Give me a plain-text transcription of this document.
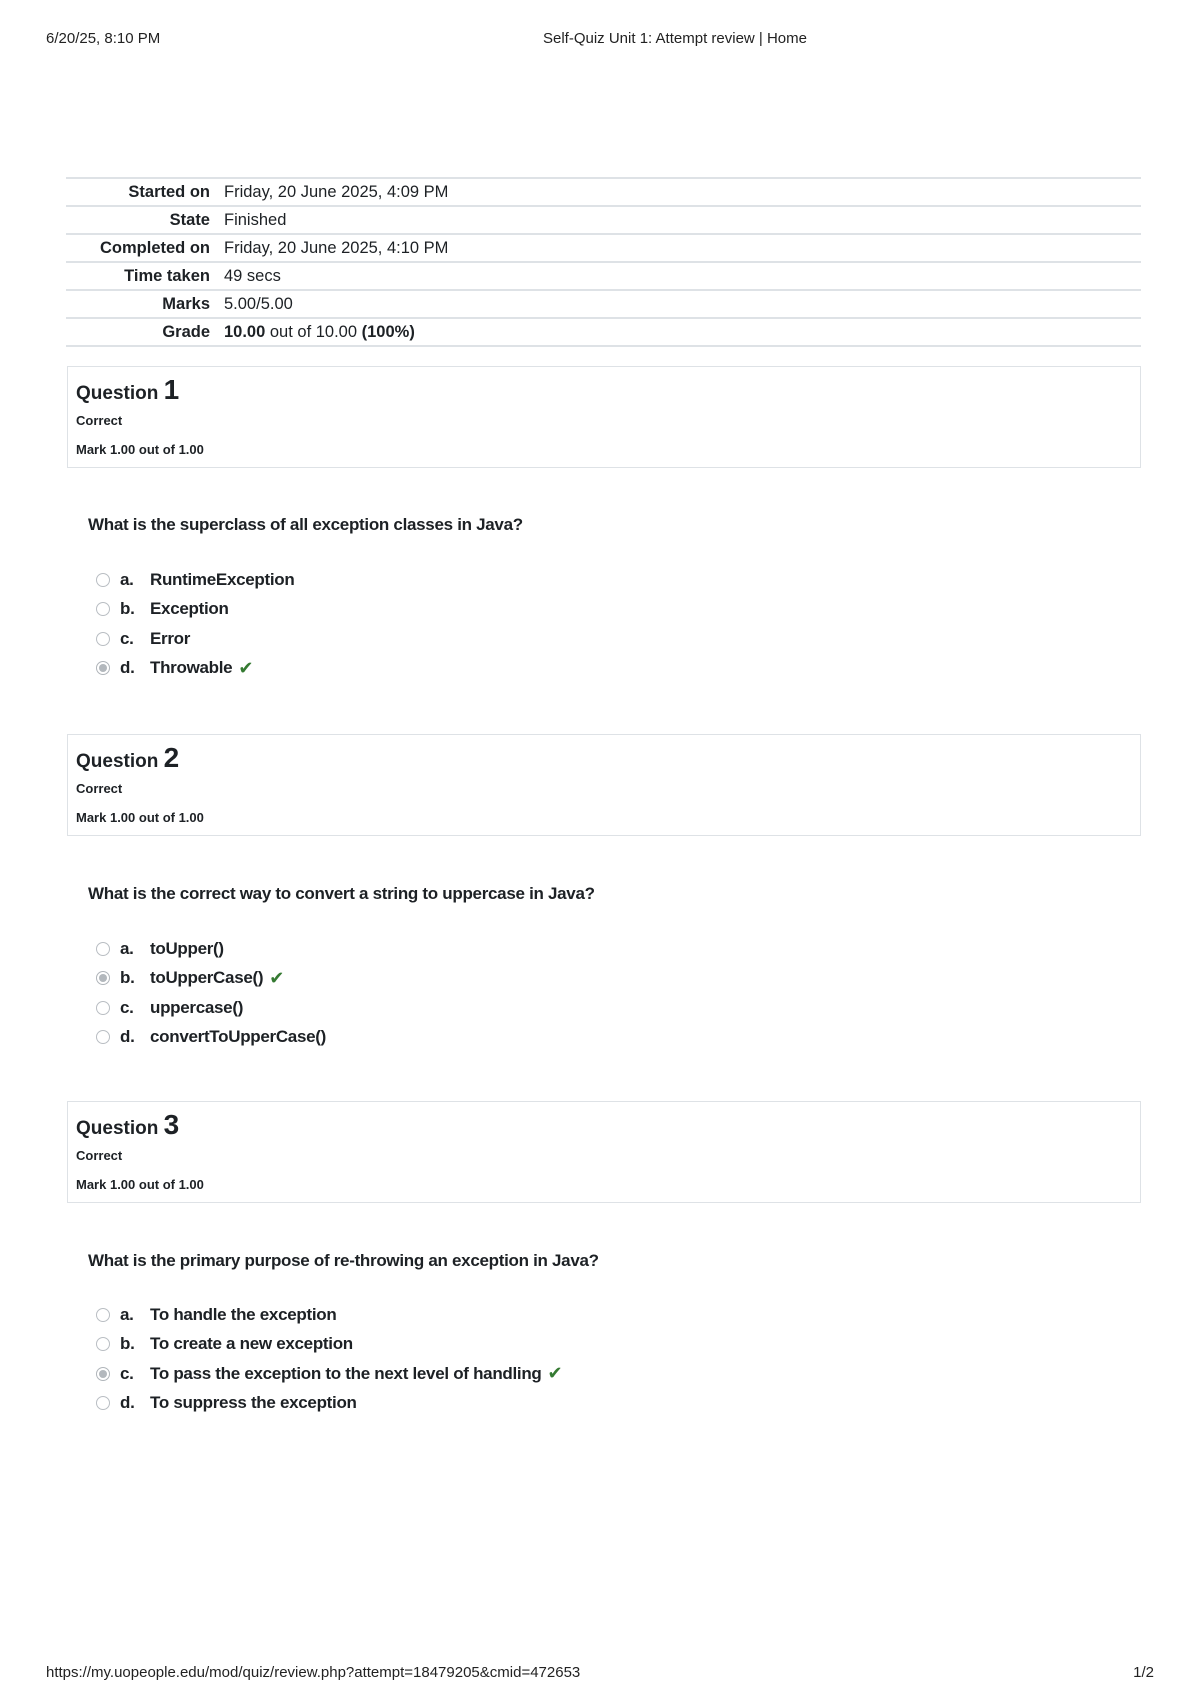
6/20/25, 8:10 PM	Self-Quiz Unit 1: Attempt review | Home
Started on	Friday, 20 June 2025, 4:09 PM
State	Finished
Completed on	Friday, 20 June 2025, 4:10 PM
Time taken	49 secs
Marks	5.00/5.00
Grade	10.00 out of 10.00 (100%)
Question 1
Correct
Mark 1.00 out of 1.00
What is the superclass of all exception classes in Java?
a. RuntimeException
b. Exception
c. Error
d. Throwable ✔
Question 2
Correct
Mark 1.00 out of 1.00
What is the correct way to convert a string to uppercase in Java?
a. toUpper()
b. toUpperCase() ✔
c. uppercase()
d. convertToUpperCase()
Question 3
Correct
Mark 1.00 out of 1.00
What is the primary purpose of re-throwing an exception in Java?
a. To handle the exception
b. To create a new exception
c. To pass the exception to the next level of handling ✔
d. To suppress the exception
https://my.uopeople.edu/mod/quiz/review.php?attempt=18479205&cmid=472653	1/2
